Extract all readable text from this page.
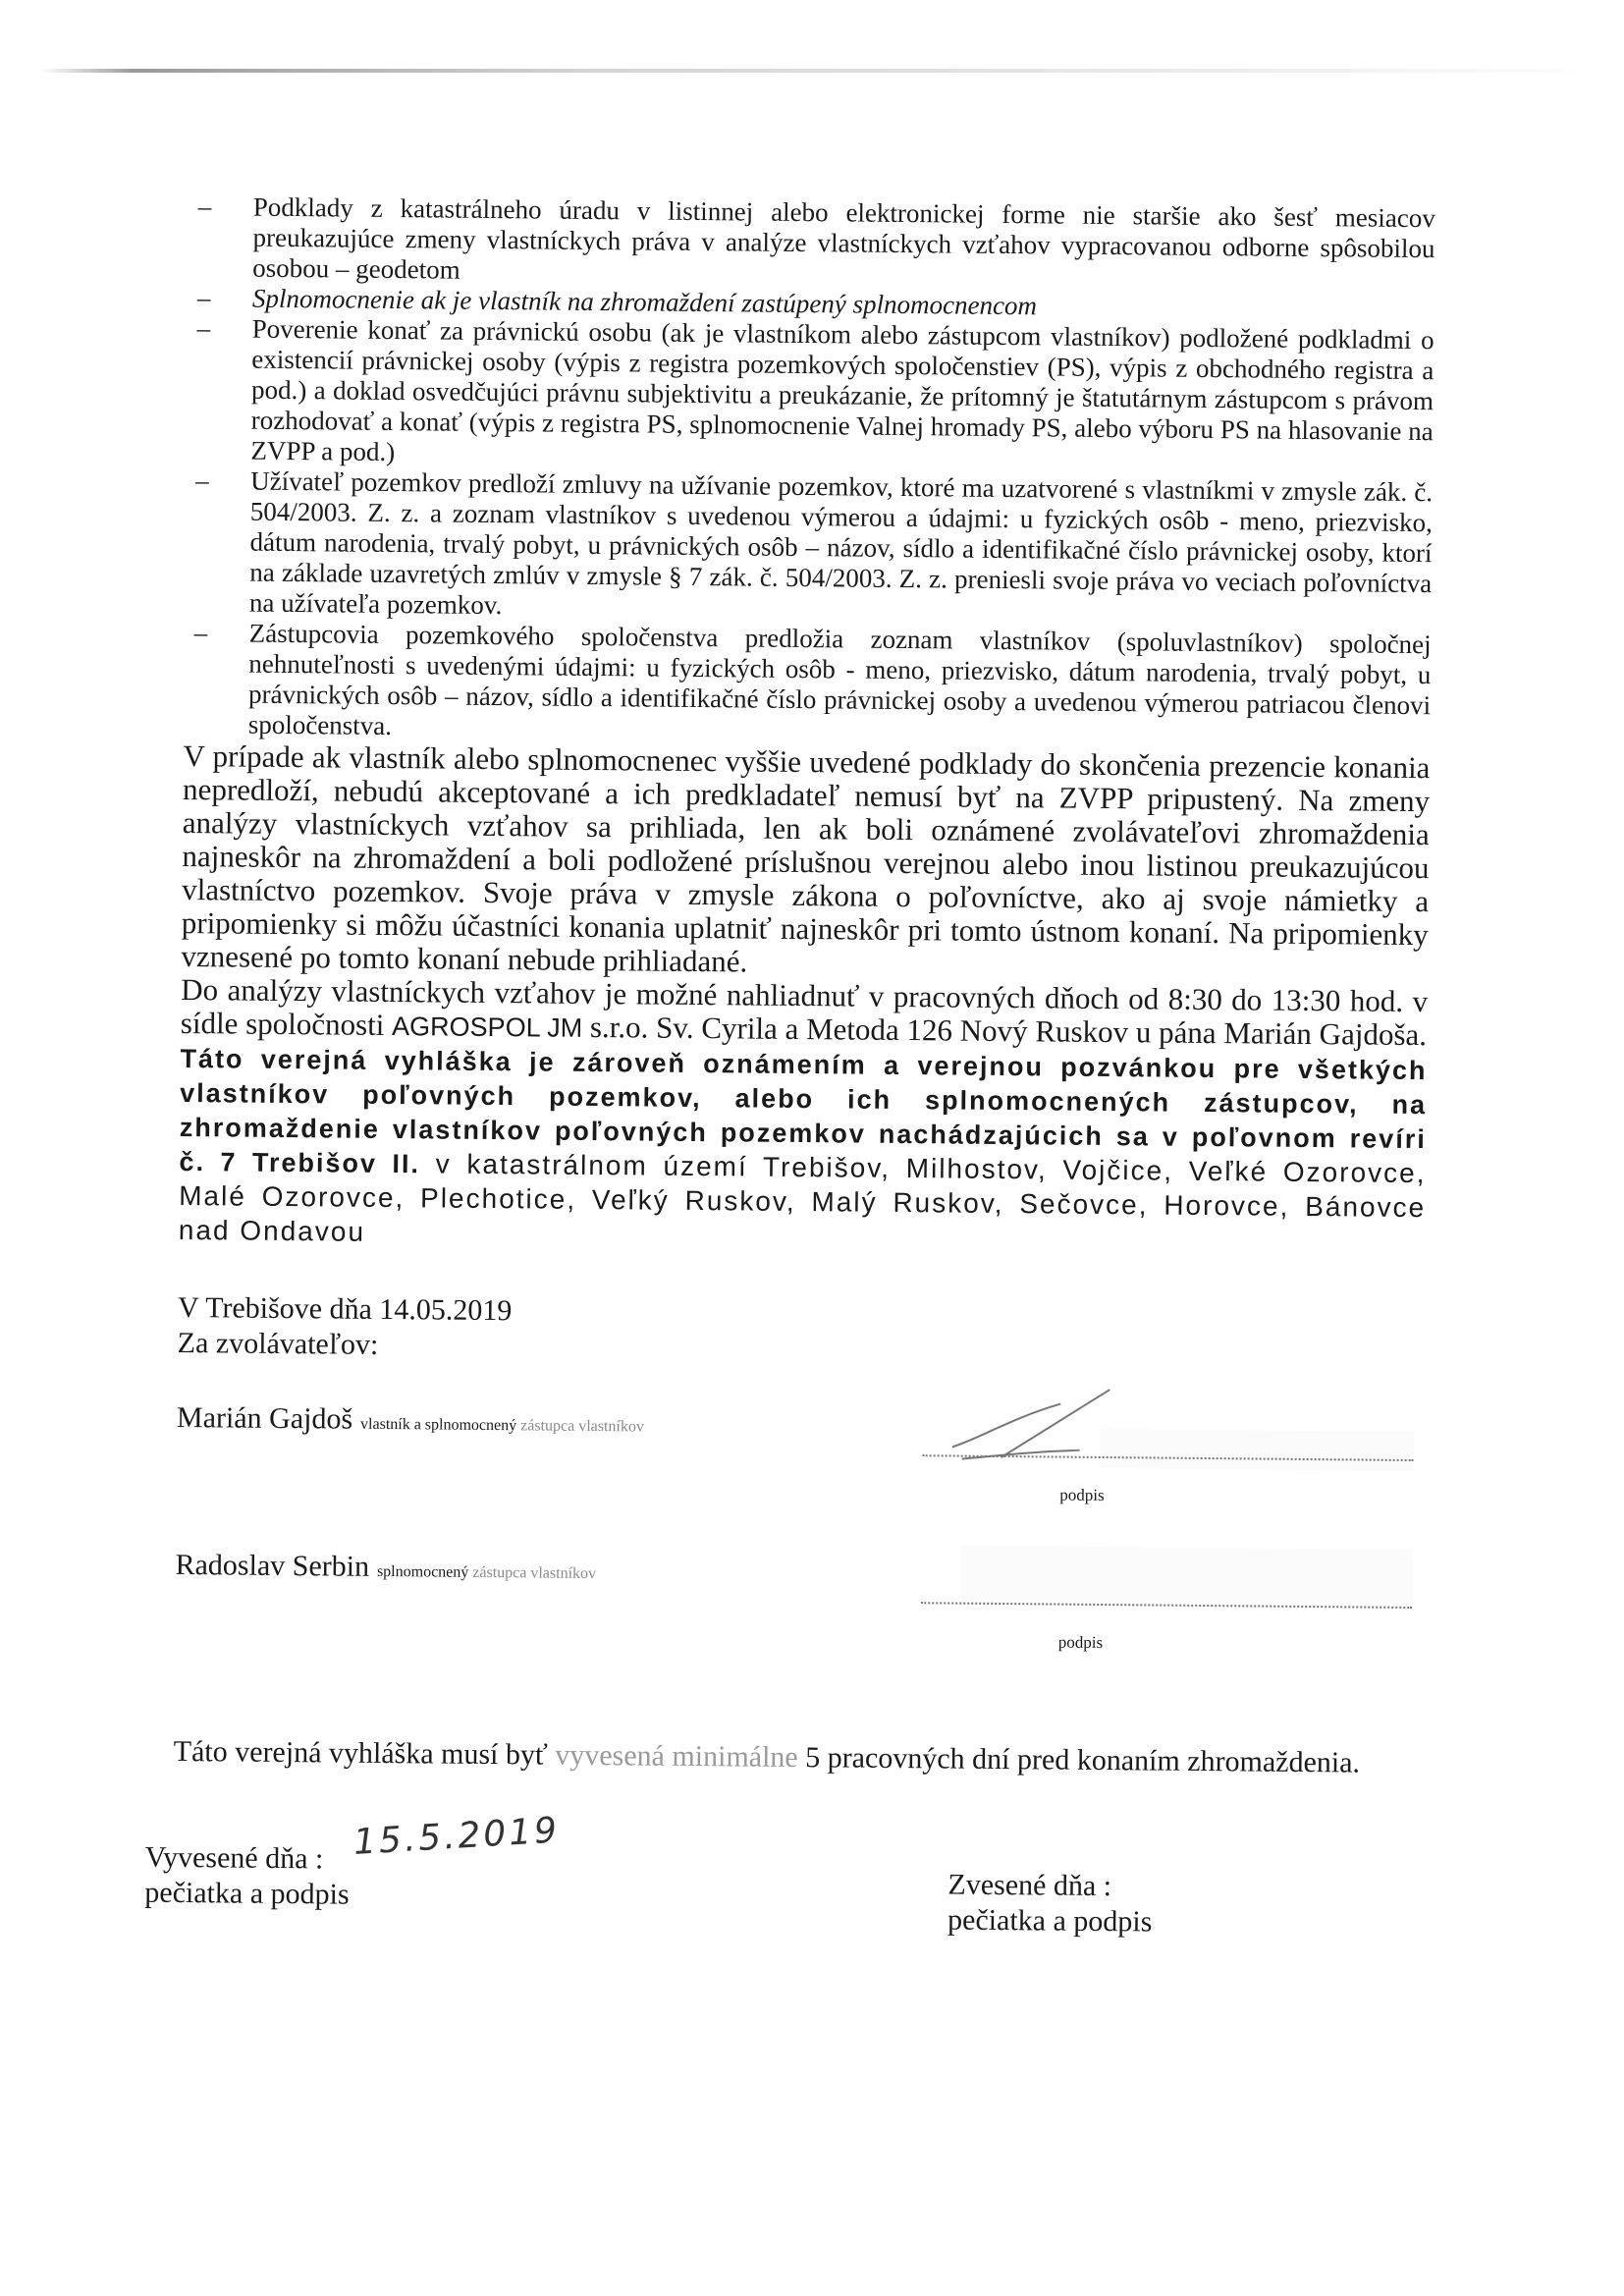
– Podklady z katastrálneho úradu v listinnej alebo elektronickej forme nie staršie ako šesť mesiacov preukazujúce zmeny vlastníckych práva v analýze vlastníckych vzťahov vypracovanou odborne spôsobilou osobou – geodetom
– Splnomocnenie ak je vlastník na zhromaždení zastúpený splnomocnencom
– Poverenie konať za právnickú osobu (ak je vlastníkom alebo zástupcom vlastníkov) podložené podkladmi o existencií právnickej osoby (výpis z registra pozemkových spoločenstiev (PS), výpis z obchodného registra a pod.) a doklad osvedčujúci právnu subjektivitu a preukázanie, že prítomný je štatutárnym zástupcom s právom rozhodovať a konať (výpis z registra PS, splnomocnenie Valnej hromady PS, alebo výboru PS na hlasovanie na ZVPP a pod.)
– Užívateľ pozemkov predloží zmluvy na užívanie pozemkov, ktoré ma uzatvorené s vlastníkmi v zmysle zák. č. 504/2003. Z. z. a zoznam vlastníkov s uvedenou výmerou a údajmi: u fyzických osôb - meno, priezvisko, dátum narodenia, trvalý pobyt, u právnických osôb – názov, sídlo a identifikačné číslo právnickej osoby, ktorí na základe uzavretých zmlúv v zmysle § 7 zák. č. 504/2003. Z. z. preniesli svoje práva vo veciach poľovníctva na užívateľa pozemkov.
– Zástupcovia pozemkového spoločenstva predložia zoznam vlastníkov (spoluvlastníkov) spoločnej nehnuteľnosti s uvedenými údajmi: u fyzických osôb - meno, priezvisko, dátum narodenia, trvalý pobyt, u právnických osôb – názov, sídlo a identifikačné číslo právnickej osoby a uvedenou výmerou patriacou členovi spoločenstva.

V prípade ak vlastník alebo splnomocnenec vyššie uvedené podklady do skončenia prezencie konania nepredloží, nebudú akceptované a ich predkladateľ nemusí byť na ZVPP pripustený. Na zmeny analýzy vlastníckych vzťahov sa prihliada, len ak boli oznámené zvolávateľovi zhromaždenia najneskôr na zhromaždení a boli podložené príslušnou verejnou alebo inou listinou preukazujúcou vlastníctvo pozemkov. Svoje práva v zmysle zákona o poľovníctve, ako aj svoje námietky a pripomienky si môžu účastníci konania uplatniť najneskôr pri tomto ústnom konaní. Na pripomienky vznesené po tomto konaní nebude prihliadané.

Do analýzy vlastníckych vzťahov je možné nahliadnuť v pracovných dňoch od 8:30 do 13:30 hod. v sídle spoločnosti AGROSPOL JM s.r.o. Sv. Cyrila a Metoda 126 Nový Ruskov u pána Marián Gajdoša.

Táto verejná vyhláška je zároveň oznámením a verejnou pozvánkou pre všetkých vlastníkov poľovných pozemkov, alebo ich splnomocnených zástupcov, na zhromaždenie vlastníkov poľovných pozemkov nachádzajúcich sa v poľovnom revíri č. 7 Trebišov II. v katastrálnom území Trebišov, Milhostov, Vojčice, Veľké Ozorovce, Malé Ozorovce, Plechotice, Veľký Ruskov, Malý Ruskov, Sečovce, Horovce, Bánovce nad Ondavou

V Trebišove dňa 14.05.2019
Za zvolávateľov:
Marián Gajdoš vlastník a splnomocnený zástupca vlastníkov
podpis
Radoslav Serbin splnomocnený zástupca vlastníkov
podpis

Táto verejná vyhláška musí byť vyvesená minimálne 5 pracovných dní pred konaním zhromaždenia.

Vyvesené dňa :
pečiatka a podpis
15.5.2019
Zvesené dňa :
pečiatka a podpis
